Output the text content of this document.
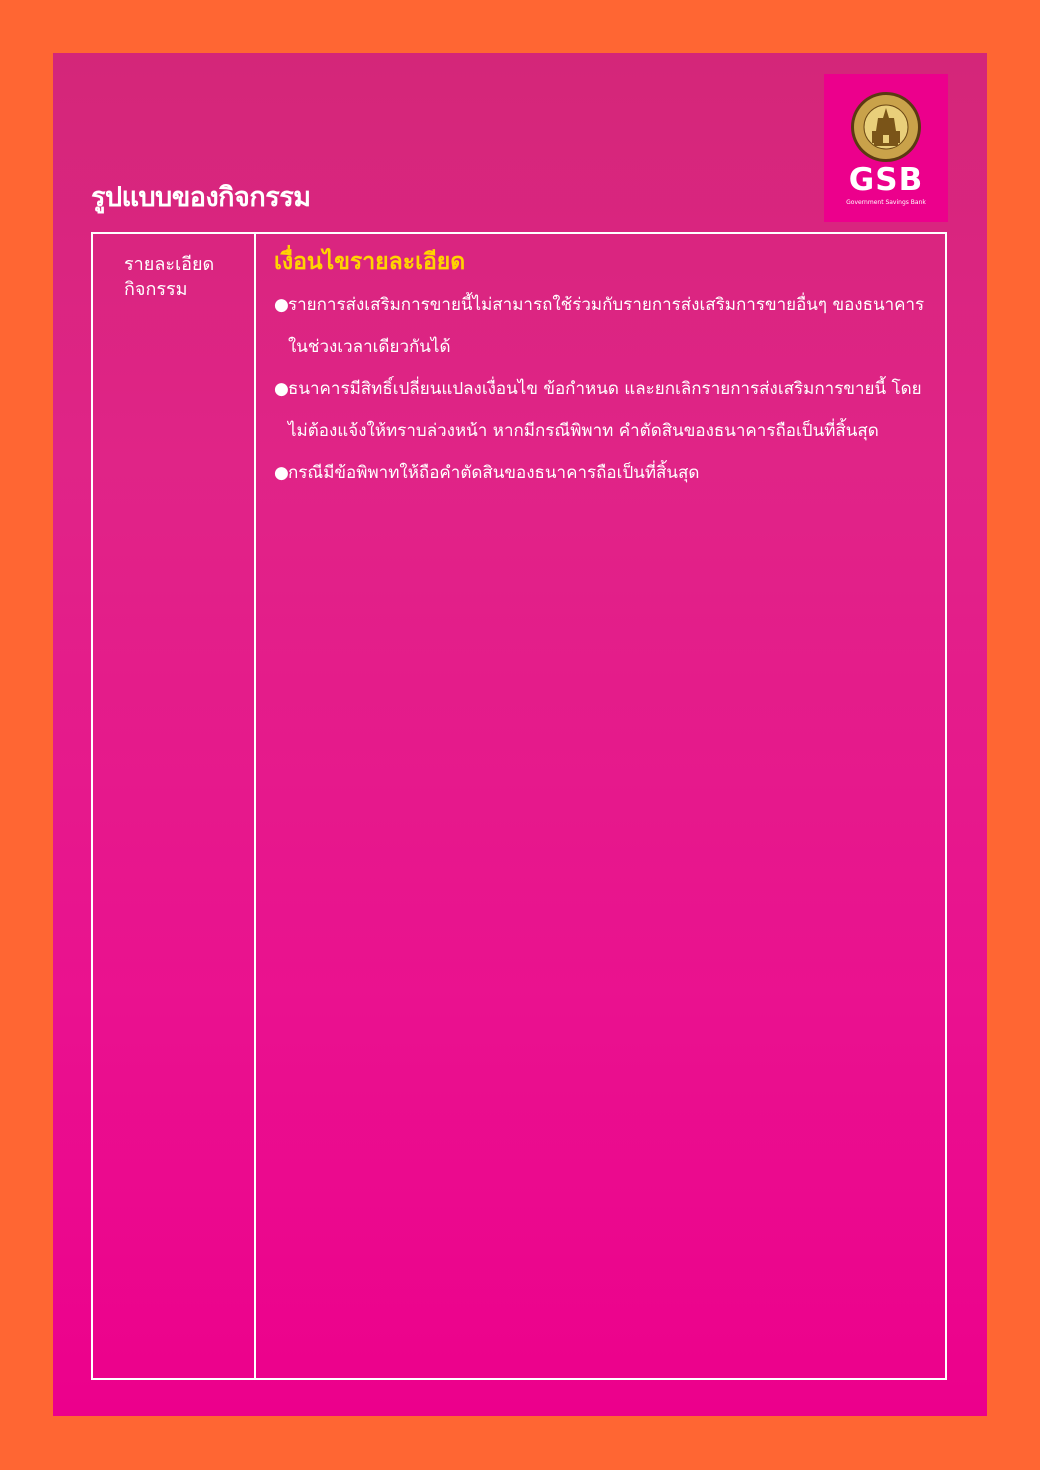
รูปแบบของกิจกรรม	GSB
Government Savings Bank
รายละเอียดกิจกรรม
เงื่อนไขรายละเอียด
● รายการส่งเสริมการขายนี้ไม่สามารถใช้ร่วมกับรายการส่งเสริมการขายอื่นๆ ของธนาคารในช่วงเวลาเดียวกันได้
● ธนาคารมีสิทธิ์เปลี่ยนแปลงเงื่อนไข ข้อกำหนด และยกเลิกรายการส่งเสริมการขายนี้ โดยไม่ต้องแจ้งให้ทราบล่วงหน้า หากมีกรณีพิพาท คำตัดสินของธนาคารถือเป็นที่สิ้นสุด
● กรณีมีข้อพิพาทให้ถือคำตัดสินของธนาคารถือเป็นที่สิ้นสุด
